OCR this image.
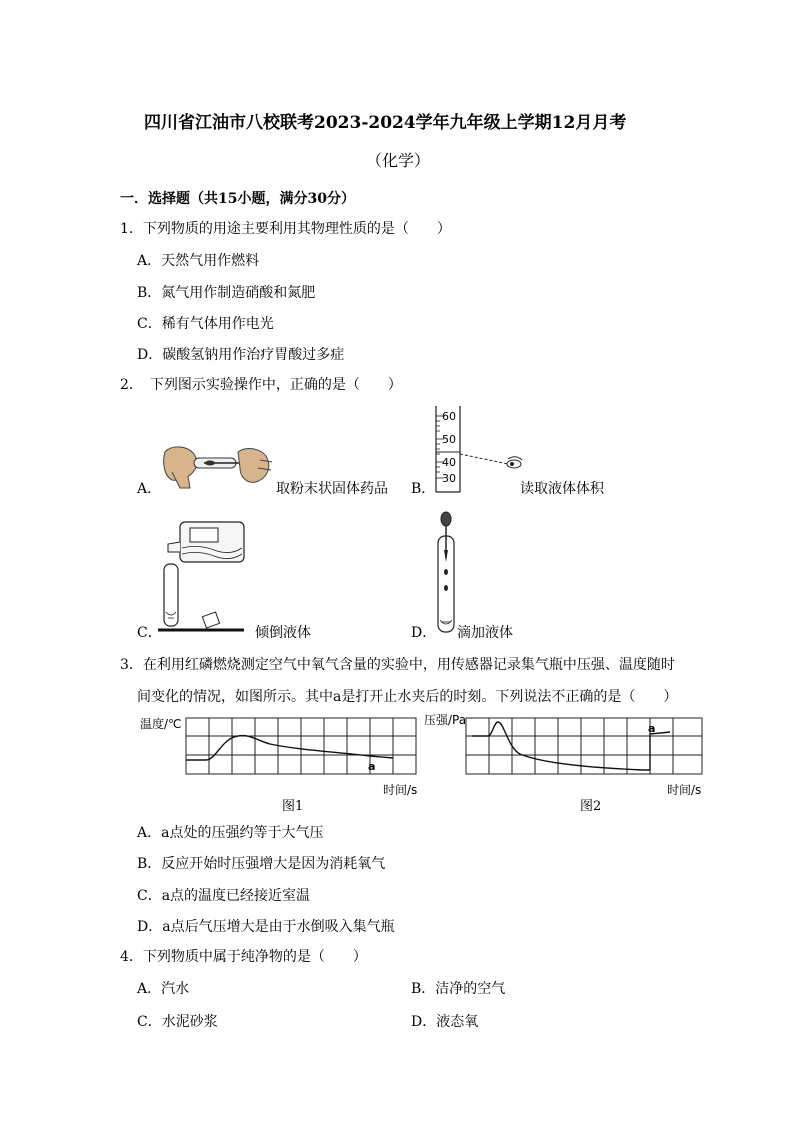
四川省江油市八校联考2023-2024学年九年级上学期12月月考
（化学）
一．选择题（共15小题，满分30分）
1．下列物质的用途主要利用其物理性质的是（　　）
A．天然气用作燃料
B．氮气用作制造硝酸和氮肥
C．稀有气体用作电光
D．碳酸氢钠用作治疗胃酸过多症
2．　下列图示实验操作中，正确的是（　　）
A．	取粉末状固体药品 B．
60
50
40
30
读取液体体积
C．	倾倒液体	D． 滴加液体
3．在利用红磷燃烧测定空气中氧气含量的实验中，用传感器记录集气瓶中压强、温度随时
间变化的情况，如图所示。其中a是打开止水夹后的时刻。下列说法不正确的是（　　）
温度/℃
a
时间/s
图1
压强/Pa
a
时间/s
图2
A．a点处的压强约等于大气压
B．反应开始时压强增大是因为消耗氧气
C．a点的温度已经接近室温
D．a点后气压增大是由于水倒吸入集气瓶
4．下列物质中属于纯净物的是（　　）
A．汽水	B．洁净的空气
C．水泥砂浆	D．液态氧
